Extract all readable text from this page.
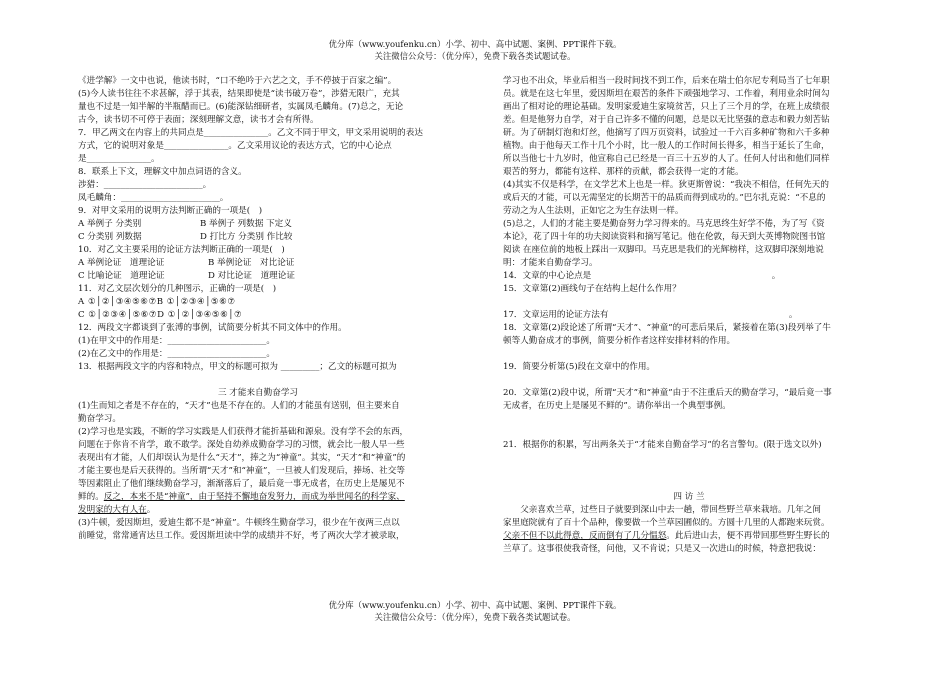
优分库（www.youfenku.cn）小学、初中、高中试题、案例、PPT课件下载。
关注微信公众号：（优分库），免费下载各类试题试卷。

《进学解》一文中也说，他读书时，“口不绝吟于六艺之文，手不停披于百家之编”。

(5)今人读书往往不求甚解，浮于其表，结果即使是“读书破万卷”，涉猎无限广，充其

量也不过是一知半解的半瓶醋而已。(6)能深钻细研者，实属凤毛麟角。(7)总之，无论

古今，读书切不可停于表面；深刻理解文意，读书才会有所得。

7．甲乙两文在内容上的共同点是_______________。乙文不同于甲文，甲文采用说明的表达

方式，它的说明对象是_______________。乙文采用议论的表达方式，它的中心论点

是_______________。

8．联系上下文，理解文中加点词语的含义。

涉猎：_______________________。

凤毛麟角：_______________________。

9．对甲文采用的说明方法判断正确的一项是(　)

A 举例子 分类别	B 举例子 列数据 下定义
C 分类别 列数据	D 打比方 分类别 作比较

10．对乙文主要采用的论证方法判断正确的一项是(　)

A 举例论证　道理论证	B 举例论证　对比论证
C 比喻论证　道理论证	D 对比论证　道理论证

11．对乙文层次划分的几种图示，正确的一项是(　)

A ①│②│③④⑤⑥⑦B ①│②③④│⑤⑥⑦

C ①│②③④│⑤⑥⑦D ①│②│③④⑤⑥│⑦

12．两段文字都谈到了张溥的事例，试简要分析其不同文体中的作用。

(1)在甲文中的作用是：_______________________。

(2)在乙文中的作用是：_______________________。

13．根据两段文字的内容和特点，甲文的标题可拟为 _________；乙文的标题可拟为

三 才能来自勤奋学习

(1)生而知之者是不存在的，“天才”也是不存在的。人们的才能虽有送别，但主要来自

勤奋学习。

(2)学习也是实践，不断的学习实践是人们获得才能折基础和源泉。没有学不会的东西，

问题在于你肯不肯学，敢不敢学。深处自幼养成勤奋学习的习惯，就会比一般人早一些

表现出有才能，人们却误认为是什么“天才”，捧之为“神童”。其实，“天才”和“神童”的

才能主要也是后天获得的。当所谓“天才”和“神童”，一旦被人们发现后，捧场、社交等

等因素阻止了他们继续勤奋学习，渐渐落后了，最后竟一事无成者，在历史上是屡见不

鲜的。反之，本来不是“神童”，由于坚持不懈地奋发努力，而成为举世闻名的科学家、

发明家的大有人在。

(3)牛顿，爱因斯坦，爱迪生都不是“神童”。牛顿终生勤奋学习，很少在午夜两三点以

前睡觉，常常通宵达旦工作。爱因斯坦读中学的成绩并不好，考了两次大学才被录取，

学习也不出众，毕业后相当一段时间找不到工作，后来在瑞士伯尔尼专利局当了七年职

员。就是在这七年里，爱因斯坦在艰苦的条件下顽强地学习、工作着，利用业余时间勾

画出了相对论的理论基础。发明家爱迪生家境贫苦，只上了三个月的学，在班上成绩很

差。但是他努力自学，对于自己许多不懂的问题，总是以无比坚强的意志和毅力刻苦钻

研。为了研制灯泡和灯丝，他摘写了四万页资料，试验过一千六百多种矿物和六千多种

植物。由于他每天工作十几个小时，比一般人的工作时间长得多，相当于延长了生命，

所以当他七十九岁时，他宣称自己已经是一百三十五岁的人了。任何人付出和他们同样

艰苦的努力，都能有这样、那样的贡献，都会获得一定的才能。

(4)其实不仅是科学，在文学艺术上也是一样。狄更斯曾说：“我决不相信，任何先天的

或后天的才能，可以无需坚定的长期苦干的品质而得到成功的。”巴尔扎克说：“不息的

劳动之为人生法则，正如它之为生存法则一样。

(5)总之，人们的才能主要是勤奋努力学习得来的。马克思终生好学不倦，为了写《资

本论》，花了四十年的功夫阅读资料和摘写笔记。他在伦敦，每天到大英博物院图书馆

阅读 在座位前的地板上踩出一双脚印。马克思是我们的光辉榜样，这双脚印深刻地说

明：才能来自勤奋学习。

14．文章的中心论点是　　　　　　　　　　　　　　　　　　　　　。

15．文章第(2)画线句子在结构上起什么作用？

17．文章运用的论证方法有　　　　　　　　　　　　　　　　　　　　　。

18．文章第(2)段论述了所谓“天才”、“神童”的可悲后果后，紧接着在第(3)段列举了牛

顿等人勤奋成才的事例，简要分析作者这样安排材料的作用。

19．简要分析第(5)段在文章中的作用。

20．文章第(2)段中说，所谓“天才”和“神童”由于不注重后天的勤奋学习，“最后竟一事

无成者，在历史上是屡见不鲜的”。请你举出一个典型事例。

21．根据你的积累，写出两条关于“才能来自勤奋学习”的名言警句。(限于选文以外)

四 访 兰

父亲喜欢兰草，过些日子就要到深山中去一趟，带回些野兰草来栽培。几年之间

家里庭院就有了百十个品种，像要做一个兰草园圃似的。方圆十几里的人都跑来玩赏。

父亲不但不以此得意，反而倒有了几分愠怒。此后进山去，便不再带回那些野生野长的

兰草了。这事很使我奇怪，问他，又不肯说；只是又一次进山的时候，特意把我说：

优分库（www.youfenku.cn）小学、初中、高中试题、案例、PPT课件下载。
关注微信公众号：（优分库），免费下载各类试题试卷。
